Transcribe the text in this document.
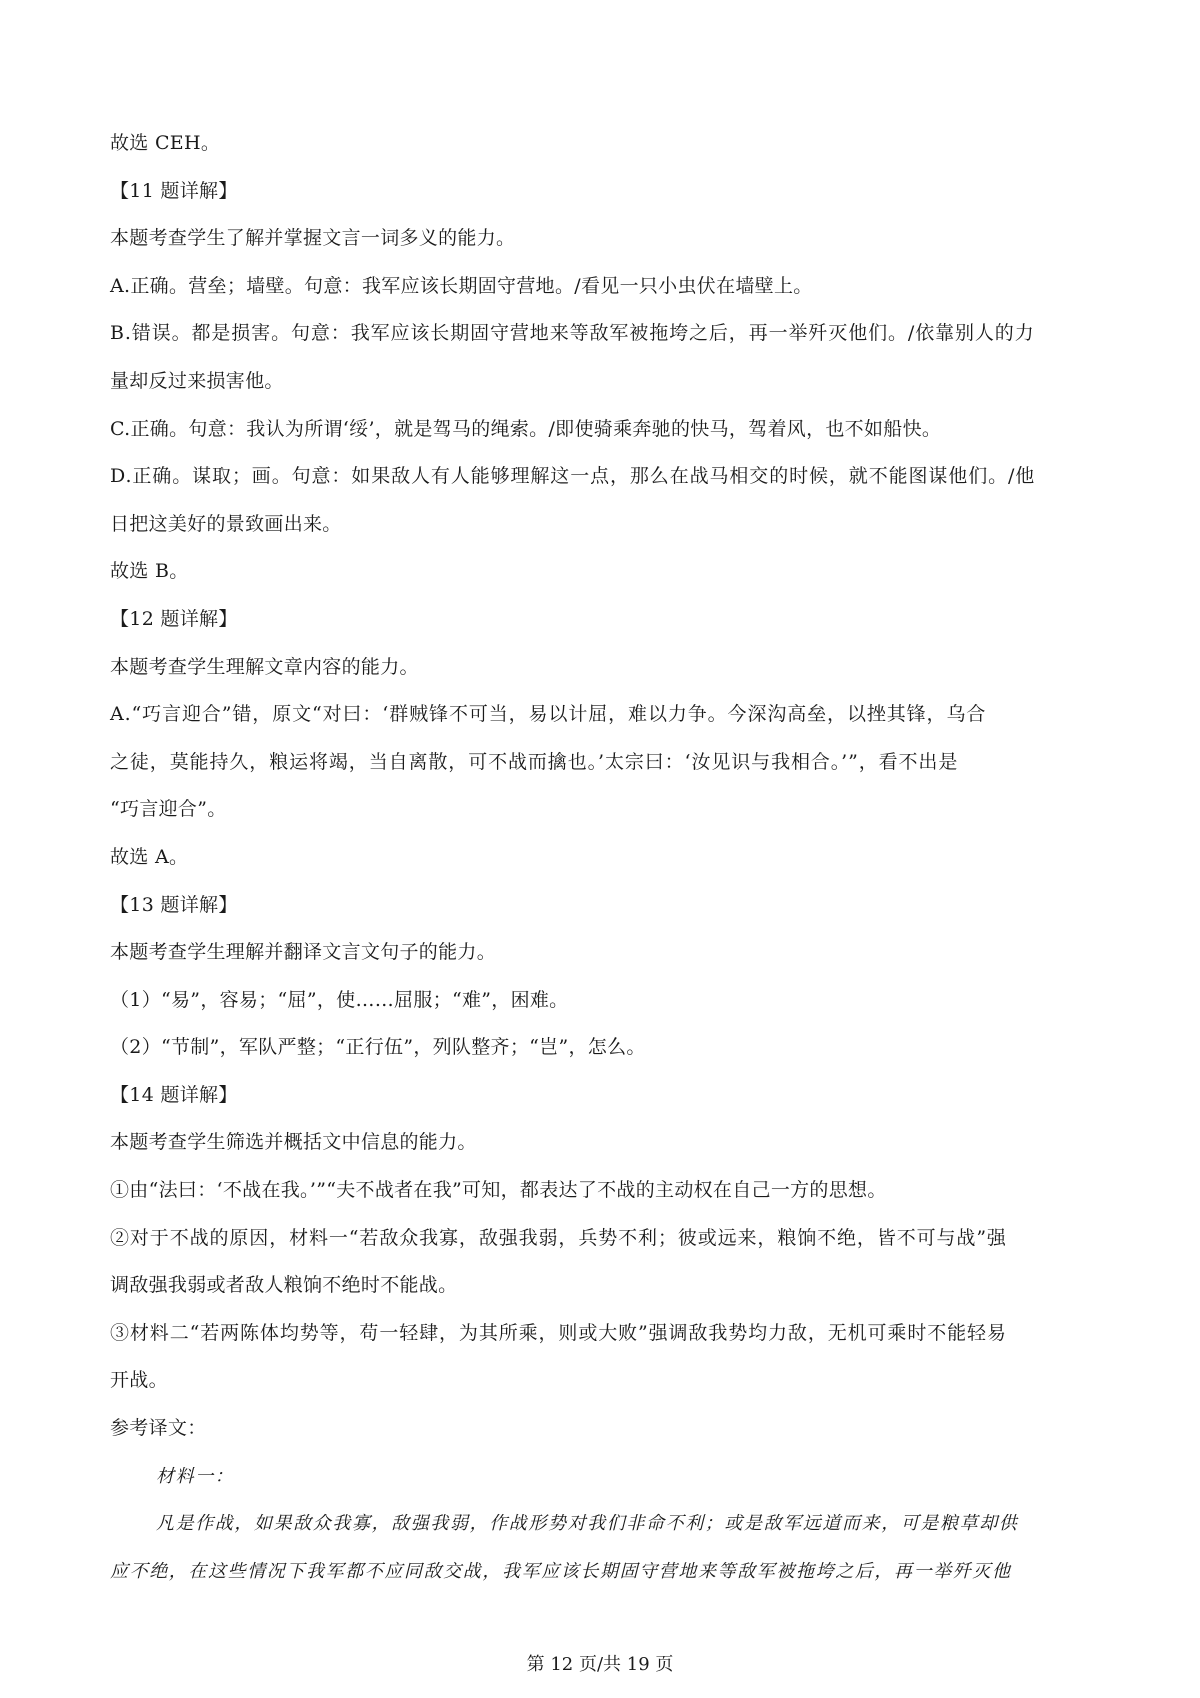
故选 CEH。
【11 题详解】
本题考查学生了解并掌握文言一词多义的能力。
A.正确。营垒；墙壁。句意：我军应该长期固守营地。/看见一只小虫伏在墙壁上。
B.错误。都是损害。句意：我军应该长期固守营地来等敌军被拖垮之后，再一举歼灭他们。/依靠别人的力
量却反过来损害他。
C.正确。句意：我认为所谓‘绥’，就是驾马的绳索。/即使骑乘奔驰的快马，驾着风，也不如船快。
D.正确。谋取；画。句意：如果敌人有人能够理解这一点，那么在战马相交的时候，就不能图谋他们。/他
日把这美好的景致画出来。
故选 B。
【12 题详解】
本题考查学生理解文章内容的能力。
A.“巧言迎合”错，原文“对曰：‘群贼锋不可当，易以计屈，难以力争。今深沟高垒，以挫其锋，乌合
之徒，莫能持久，粮运将竭，当自离散，可不战而擒也。’太宗曰：‘汝见识与我相合。’”，看不出是
“巧言迎合”。
故选 A。
【13 题详解】
本题考查学生理解并翻译文言文句子的能力。
（1）“易”，容易；“屈”，使……屈服；“难”，困难。
（2）“节制”，军队严整；“正行伍”，列队整齐；“岂”，怎么。
【14 题详解】
本题考查学生筛选并概括文中信息的能力。
①由“法曰：‘不战在我。’”“夫不战者在我”可知，都表达了不战的主动权在自己一方的思想。
②对于不战的原因，材料一“若敌众我寡，敌强我弱，兵势不利；彼或远来，粮饷不绝，皆不可与战”强
调敌强我弱或者敌人粮饷不绝时不能战。
③材料二“若两陈体均势等，苟一轻肆，为其所乘，则或大败”强调敌我势均力敌，无机可乘时不能轻易
开战。
参考译文：
材料一：
凡是作战，如果敌众我寡，敌强我弱，作战形势对我们非命不利；或是敌军远道而来，可是粮草却供
应不绝，在这些情况下我军都不应同敌交战，我军应该长期固守营地来等敌军被拖垮之后，再一举歼灭他
第 12 页/共 19 页
